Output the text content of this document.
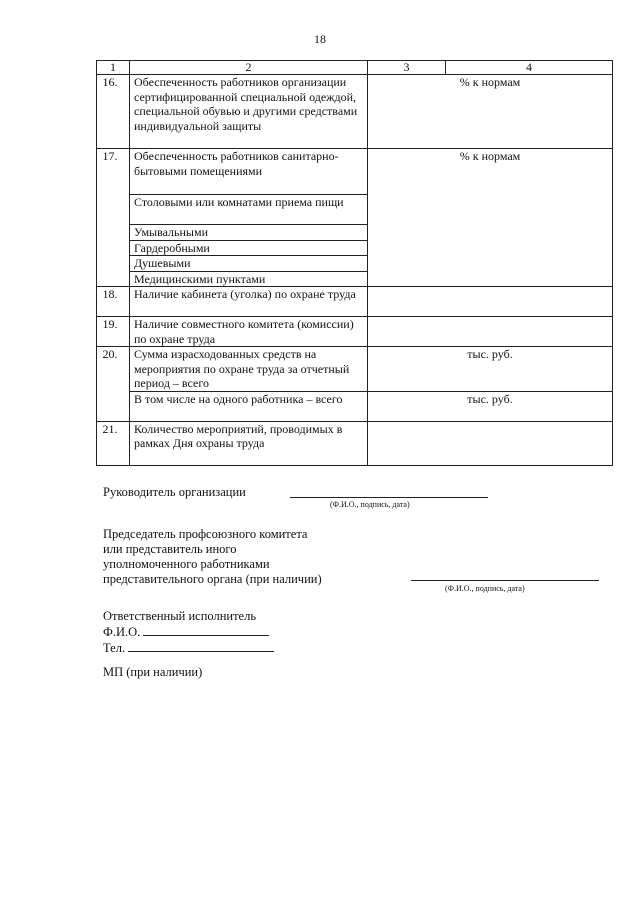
18
1	2	3	4
16.	Обеспеченность работников организации сертифицированной специальной одеждой, специальной обувью и другими средствами индивидуальной защиты	% к нормам	
17.	Обеспеченность работников санитарно-бытовыми помещениями	% к нормам	
	Столовыми или комнатами приема пищи		
	Умывальными		
	Гардеробными		
	Душевыми		
	Медицинскими пунктами		
18.	Наличие кабинета (уголка) по охране труда		
19.	Наличие совместного комитета (комиссии) по охране труда		
20.	Сумма израсходованных средств на мероприятия по охране труда за отчетный период – всего	тыс. руб.	
	В том числе на одного работника – всего	тыс. руб.	
21.	Количество мероприятий, проводимых в рамках Дня охраны труда		
Руководитель организации
(Ф.И.О., подпись, дата)
Председатель профсоюзного комитета
или представитель иного
уполномоченного работниками
представительного органа (при наличии)
(Ф.И.О., подпись, дата)
Ответственный исполнитель
Ф.И.О.
Тел.
МП (при наличии)
